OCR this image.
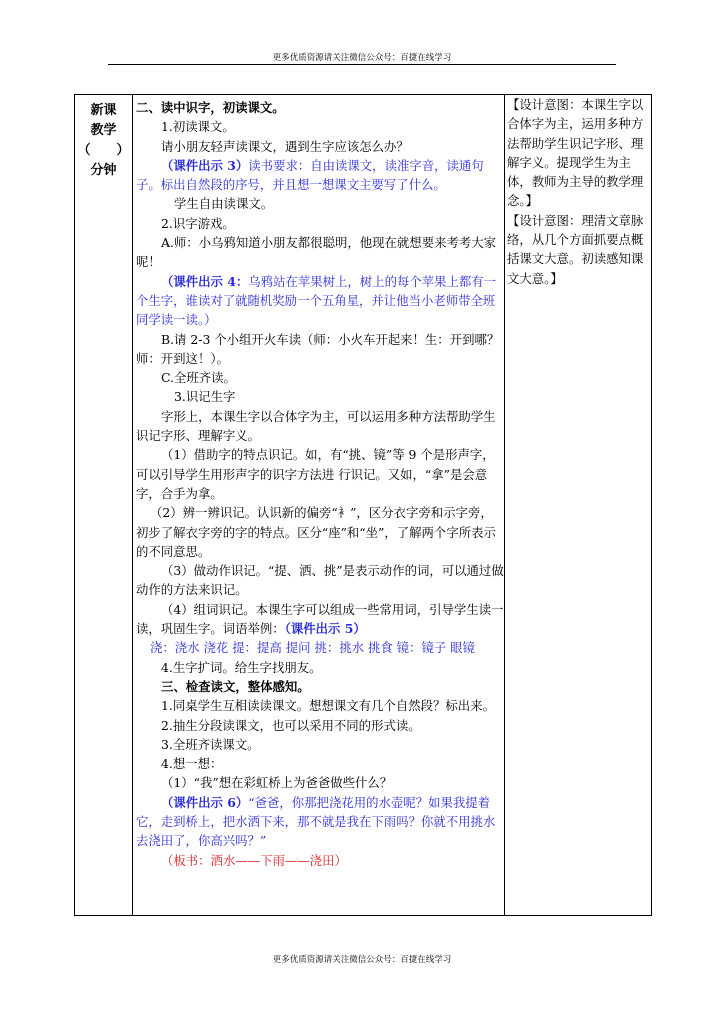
更多优质资源请关注微信公众号：百捷在线学习
新课
教学
（　　）
分钟

二、读中识字，初读课文。

1.初读课文。

请小朋友轻声读课文，遇到生字应该怎么办？

（课件出示 3）读书要求：自由读课文，读准字音，读通句子。标出自然段的序号，并且想一想课文主要写了什么。

学生自由读课文。

2.识字游戏。

A.师：小乌鸦知道小朋友都很聪明，他现在就想要来考考大家呢！

（课件出示 4：乌鸦站在苹果树上，树上的每个苹果上都有一个生字，谁读对了就随机奖励一个五角星，并让他当小老师带全班同学读一读。）

B.请 2-3 个小组开火车读（师：小火车开起来！生：开到哪？师：开到这！）。

C.全班齐读。

3.识记生字

字形上，本课生字以合体字为主，可以运用多种方法帮助学生识记字形、理解字义。

（1）借助字的特点识记。如，有“挑、镜”等 9 个是形声字，可以引导学生用形声字的识字方法进 行识记。又如，“拿”是会意字，合手为拿。

（2）辨一辨识记。认识新的偏旁“衤”，区分衣字旁和示字旁，初步了解衣字旁的字的特点。区分“座”和“坐”，了解两个字所表示的不同意思。

（3）做动作识记。“提、洒、挑”是表示动作的词，可以通过做动作的方法来识记。

（4）组词识记。本课生字可以组成一些常用词，引导学生读一读，巩固生字。词语举例：（课件出示 5）

浇：浇水 浇花 提：提高 提问 挑：挑水 挑食 镜：镜子 眼镜

4.生字扩词。给生字找朋友。

三、检查读文，整体感知。

1.同桌学生互相读读课文。想想课文有几个自然段？标出来。

2.抽生分段读课文，也可以采用不同的形式读。

3.全班齐读课文。

4.想一想：

（1）“我”想在彩虹桥上为爸爸做些什么？

（课件出示 6）“爸爸，你那把浇花用的水壶呢？如果我提着它，走到桥上，把水洒下来，那不就是我在下雨吗？你就不用挑水去浇田了，你高兴吗？”

（板书：洒水——下雨——浇田）

【设计意图：本课生字以合体字为主，运用多种方法帮助学生识记字形、理解字义。提现学生为主体，教师为主导的教学理念。】

【设计意图：理清文章脉络，从几个方面抓要点概括课文大意。初读感知课文大意。】

更多优质资源请关注微信公众号：百捷在线学习
